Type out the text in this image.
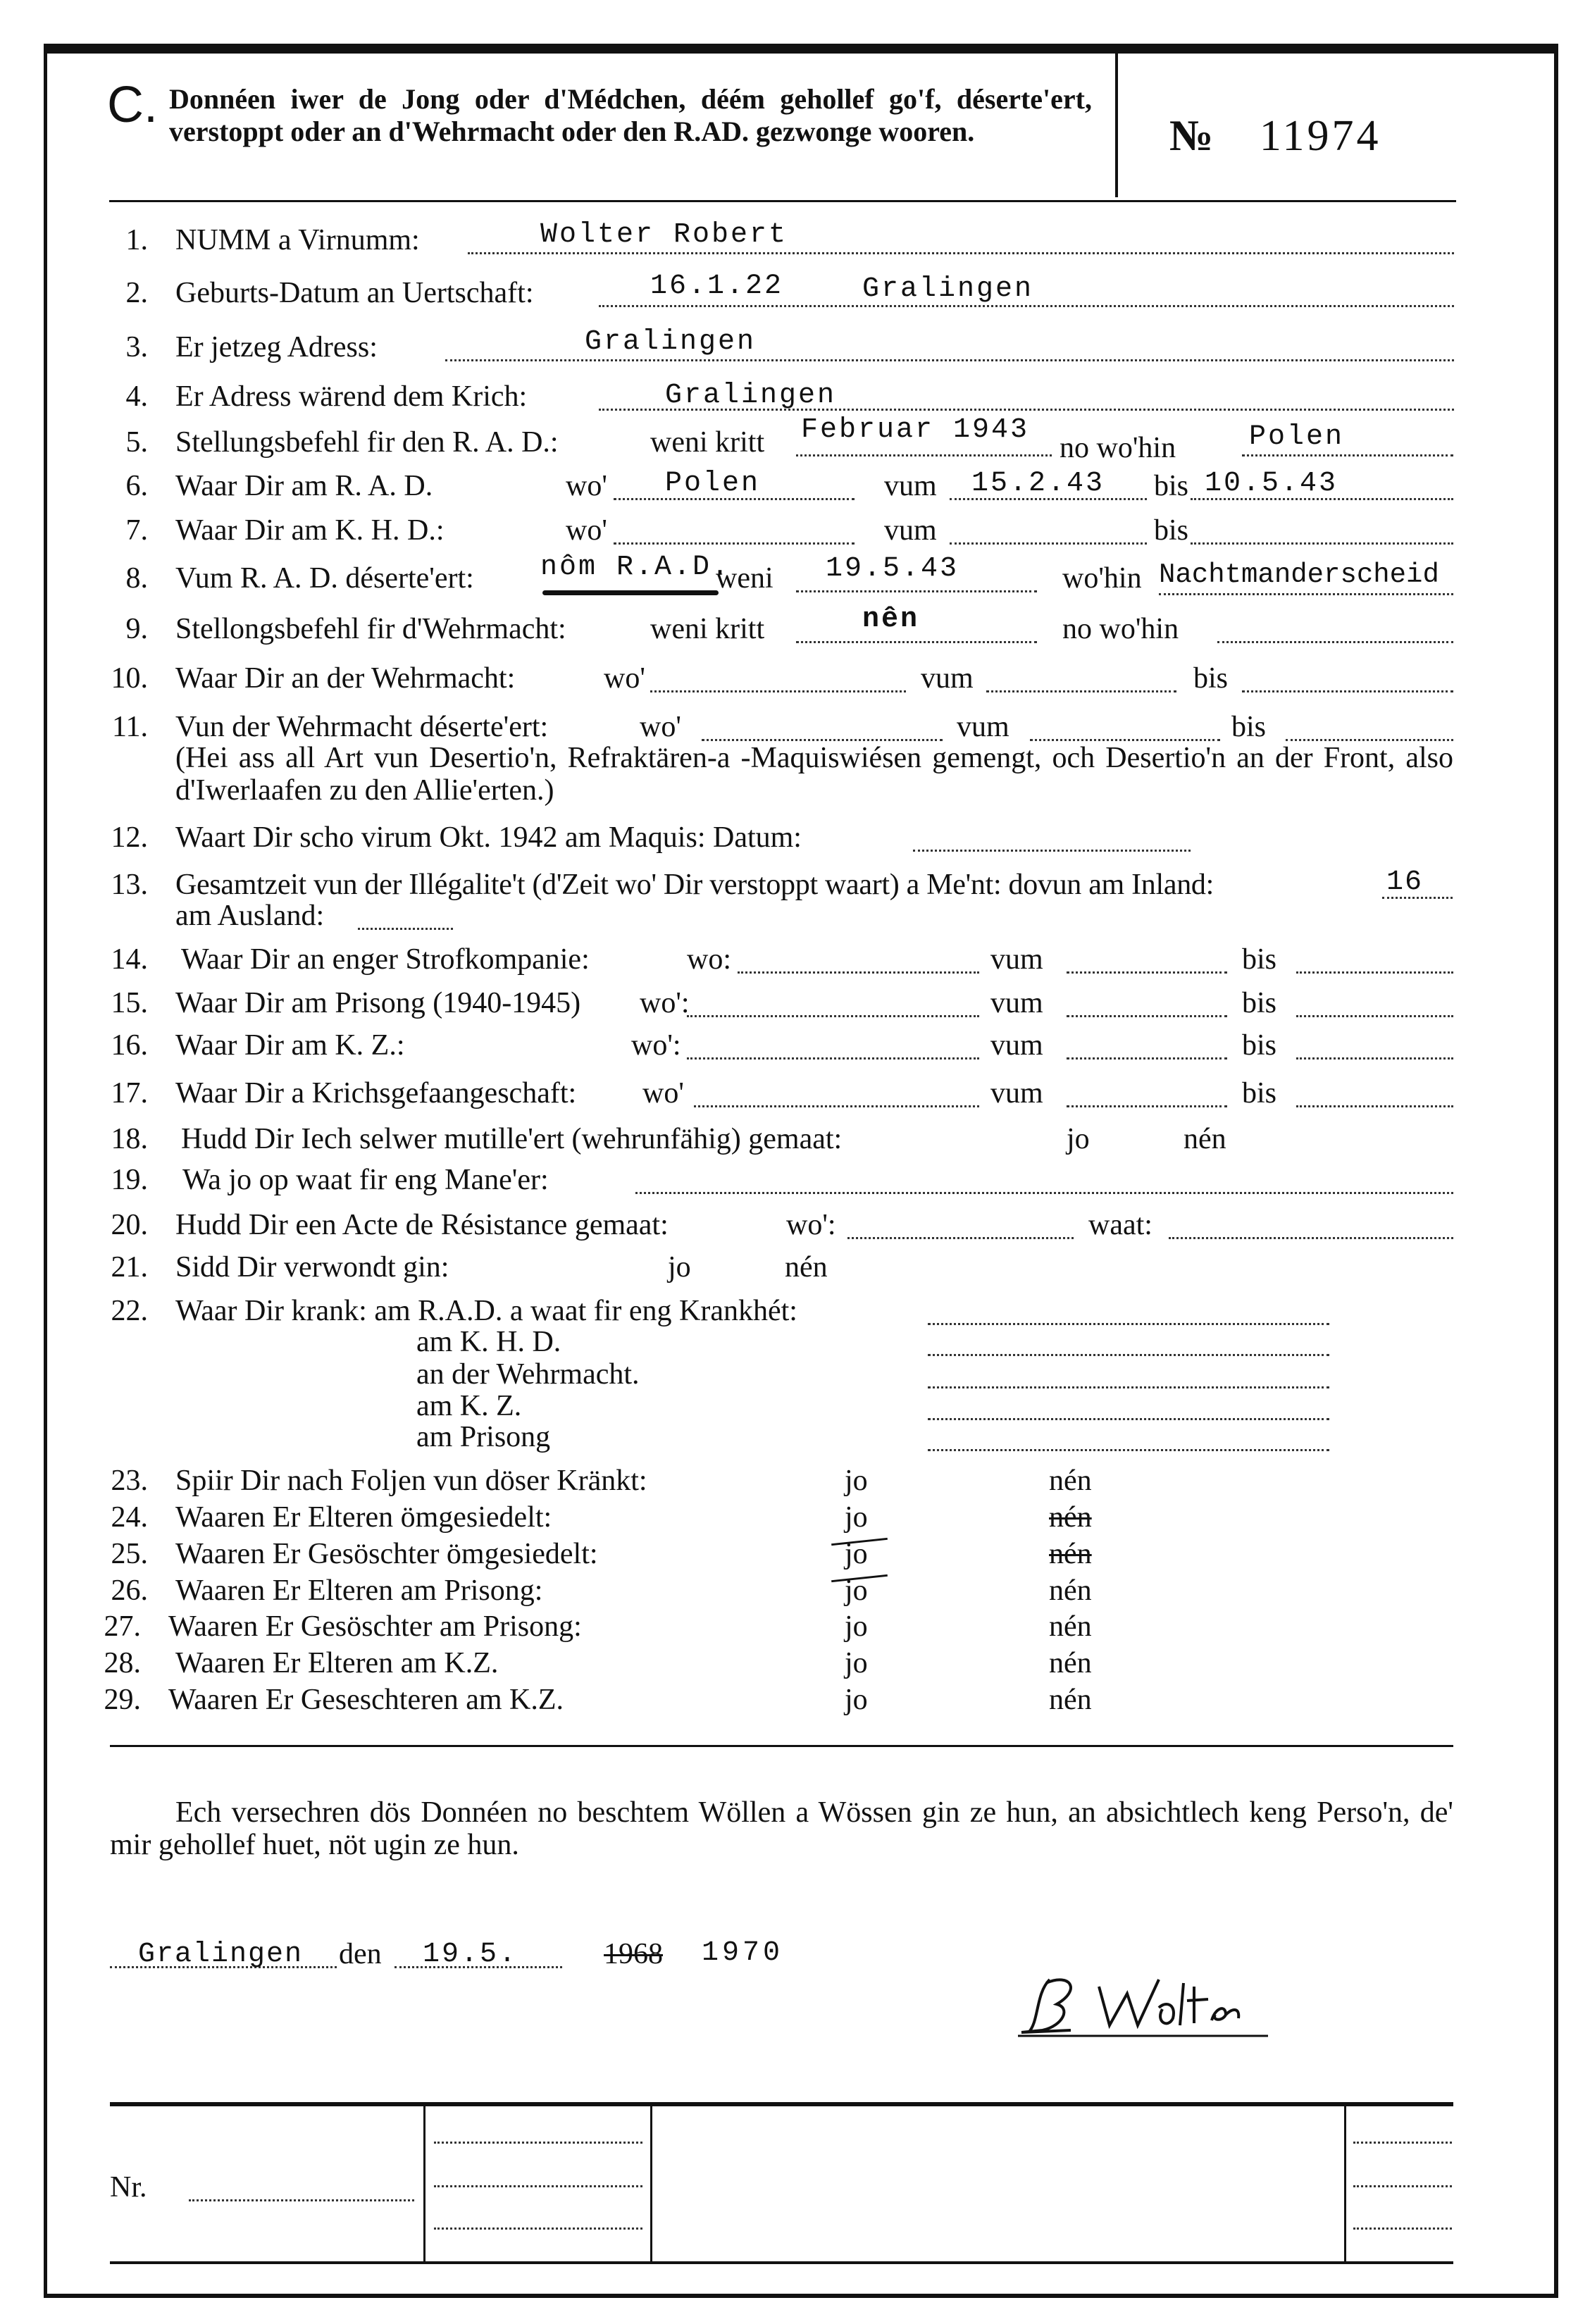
C. Donnéen iwer de Jong oder d'Médchen, déém gehollef go'f, déserte'ert, verstoppt oder an d'Wehrmacht oder den R.AD. gezwonge wooren.	№ 11974
1. NUMM a Virnumm:	Wolter Robert
2. Geburts-Datum an Uertschaft:	16.1.22	Gralingen
3. Er jetzeg Adress:	Gralingen
4. Er Adress wärend dem Krich:	Gralingen
5. Stellungsbefehl fir den R. A. D.:	weni kritt Februar 1943
no wo'hin	Polen
6. Waar Dir am R. A. D.	wo' Polen	vum 15.2.43 bis 10.5.43
7. Waar Dir am K. H. D.:	wo'	vum	bis
8. Vum R. A. D. déserte'ert: nôm R.A.D.
weni 19.5.43	wo'hin Nachtmanderscheid
9. Stellongsbefehl fir d'Wehrmacht:	weni kritt	nên	no wo'hin
10. Waar Dir an der Wehrmacht:	wo'	vum	bis
11. Vun der Wehrmacht déserte'ert:	wo'	vum	bis
(Hei ass all Art vun Desertio'n, Refraktären-a -Maquiswiésen gemengt, och Desertio'n an der Front, also d'Iwerlaafen zu den Allie'erten.)
12. Waart Dir scho virum Okt. 1942 am Maquis: Datum:
13. Gesamtzeit vun der Illégalite't (d'Zeit wo' Dir verstoppt waart) a Me'nt: dovun am Inland:	16
am Ausland:
14. Waar Dir an enger Strofkompanie:	wo:	vum	bis
15. Waar Dir am Prisong (1940-1945) wo':	vum	bis
16. Waar Dir am K. Z.:	wo':	vum	bis
17. Waar Dir a Krichsgefaangeschaft: wo'	vum	bis
18. Hudd Dir Iech selwer mutille'ert (wehrunfähig) gemaat:	jo	nén
19. Wa jo op waat fir eng Mane'er:
20. Hudd Dir een Acte de Résistance gemaat:	wo':	waat:
21. Sidd Dir verwondt gin:	jo	nén
22. Waar Dir krank: am R.A.D. a waat fir eng Krankhét:
am K. H. D.
an der Wehrmacht.
am K. Z.
am Prisong
23. Spiir Dir nach Foljen vun döser Kränkt:	jo	nén
24. Waaren Er Elteren ömgesiedelt:	jo	nén
25. Waaren Er Gesöschter ömgesiedelt:	jo	nén
26. Waaren Er Elteren am Prisong:	jo	nén
27. Waaren Er Gesöschter am Prisong:	jo	nén
28. Waaren Er Elteren am K.Z.	jo	nén
29. Waaren Er Geseschteren am K.Z.	jo	nén
Ech versechren dös Donnéen no beschtem Wöllen a Wössen gin ze hun, an absichtlech keng Perso'n, de' mir gehollef huet, nöt ugin ze hun.
Gralingen den 19.5.	1968 1970
Nr.
